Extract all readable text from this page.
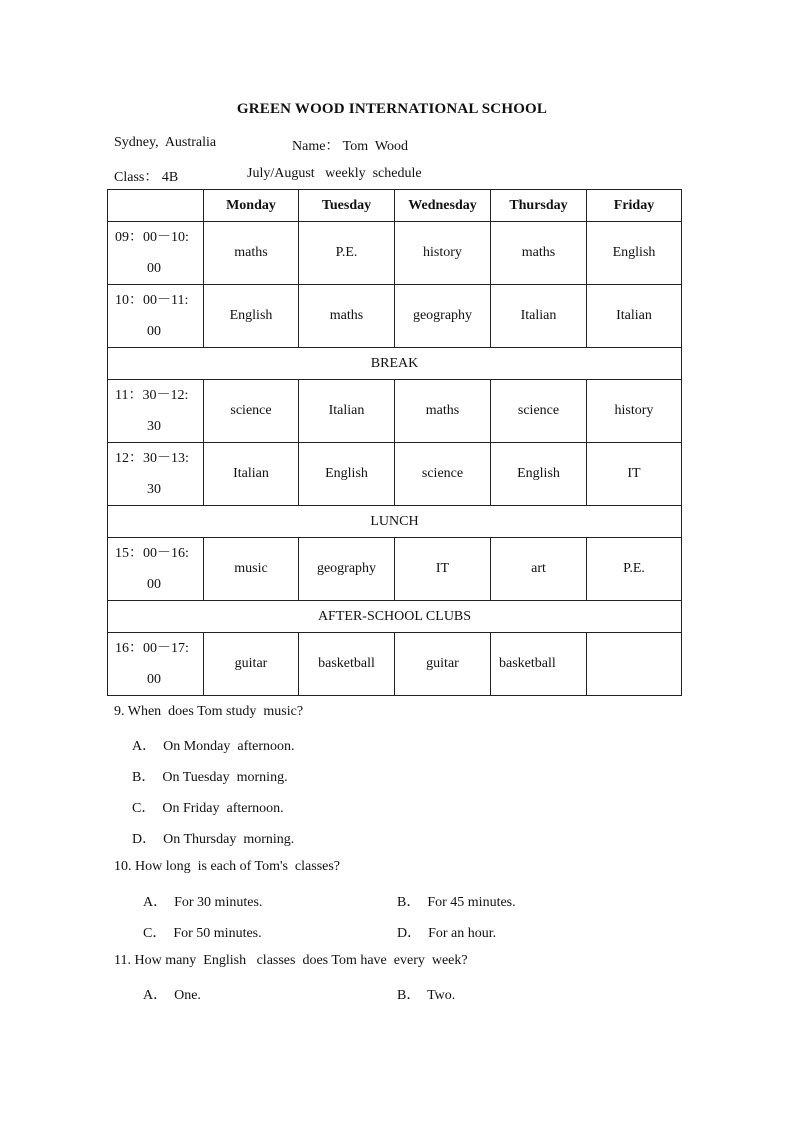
GREEN WOOD INTERNATIONAL SCHOOL
Sydney,  Australia	Name： Tom  Wood
Class： 4B	July/August   weekly  schedule
	Monday	Tuesday	Wednesday	Thursday	Friday
09：00－10:
00	maths	P.E.	history	maths	English
10：00－11:
00	English	maths	geography	Italian	Italian
BREAK					
11：30－12:
30	science	Italian	maths	science	history
12：30－13:
30	Italian	English	science	English	IT
LUNCH					
15：00－16:
00	music	geography	IT	art	P.E.
AFTER-SCHOOL CLUBS					
16：00－17:
00	guitar	basketball	guitar	basketball	
9. When  does Tom study  music?
A．  On Monday  afternoon.
B．  On Tuesday  morning.
C．  On Friday  afternoon.
D．  On Thursday  morning.
10. How long  is each of Tom's  classes?
A．  For 30 minutes.	B．  For 45 minutes.
C．  For 50 minutes.	D．  For an hour.
11. How many  English   classes  does Tom have  every  week?
A．  One.	B．  Two.
